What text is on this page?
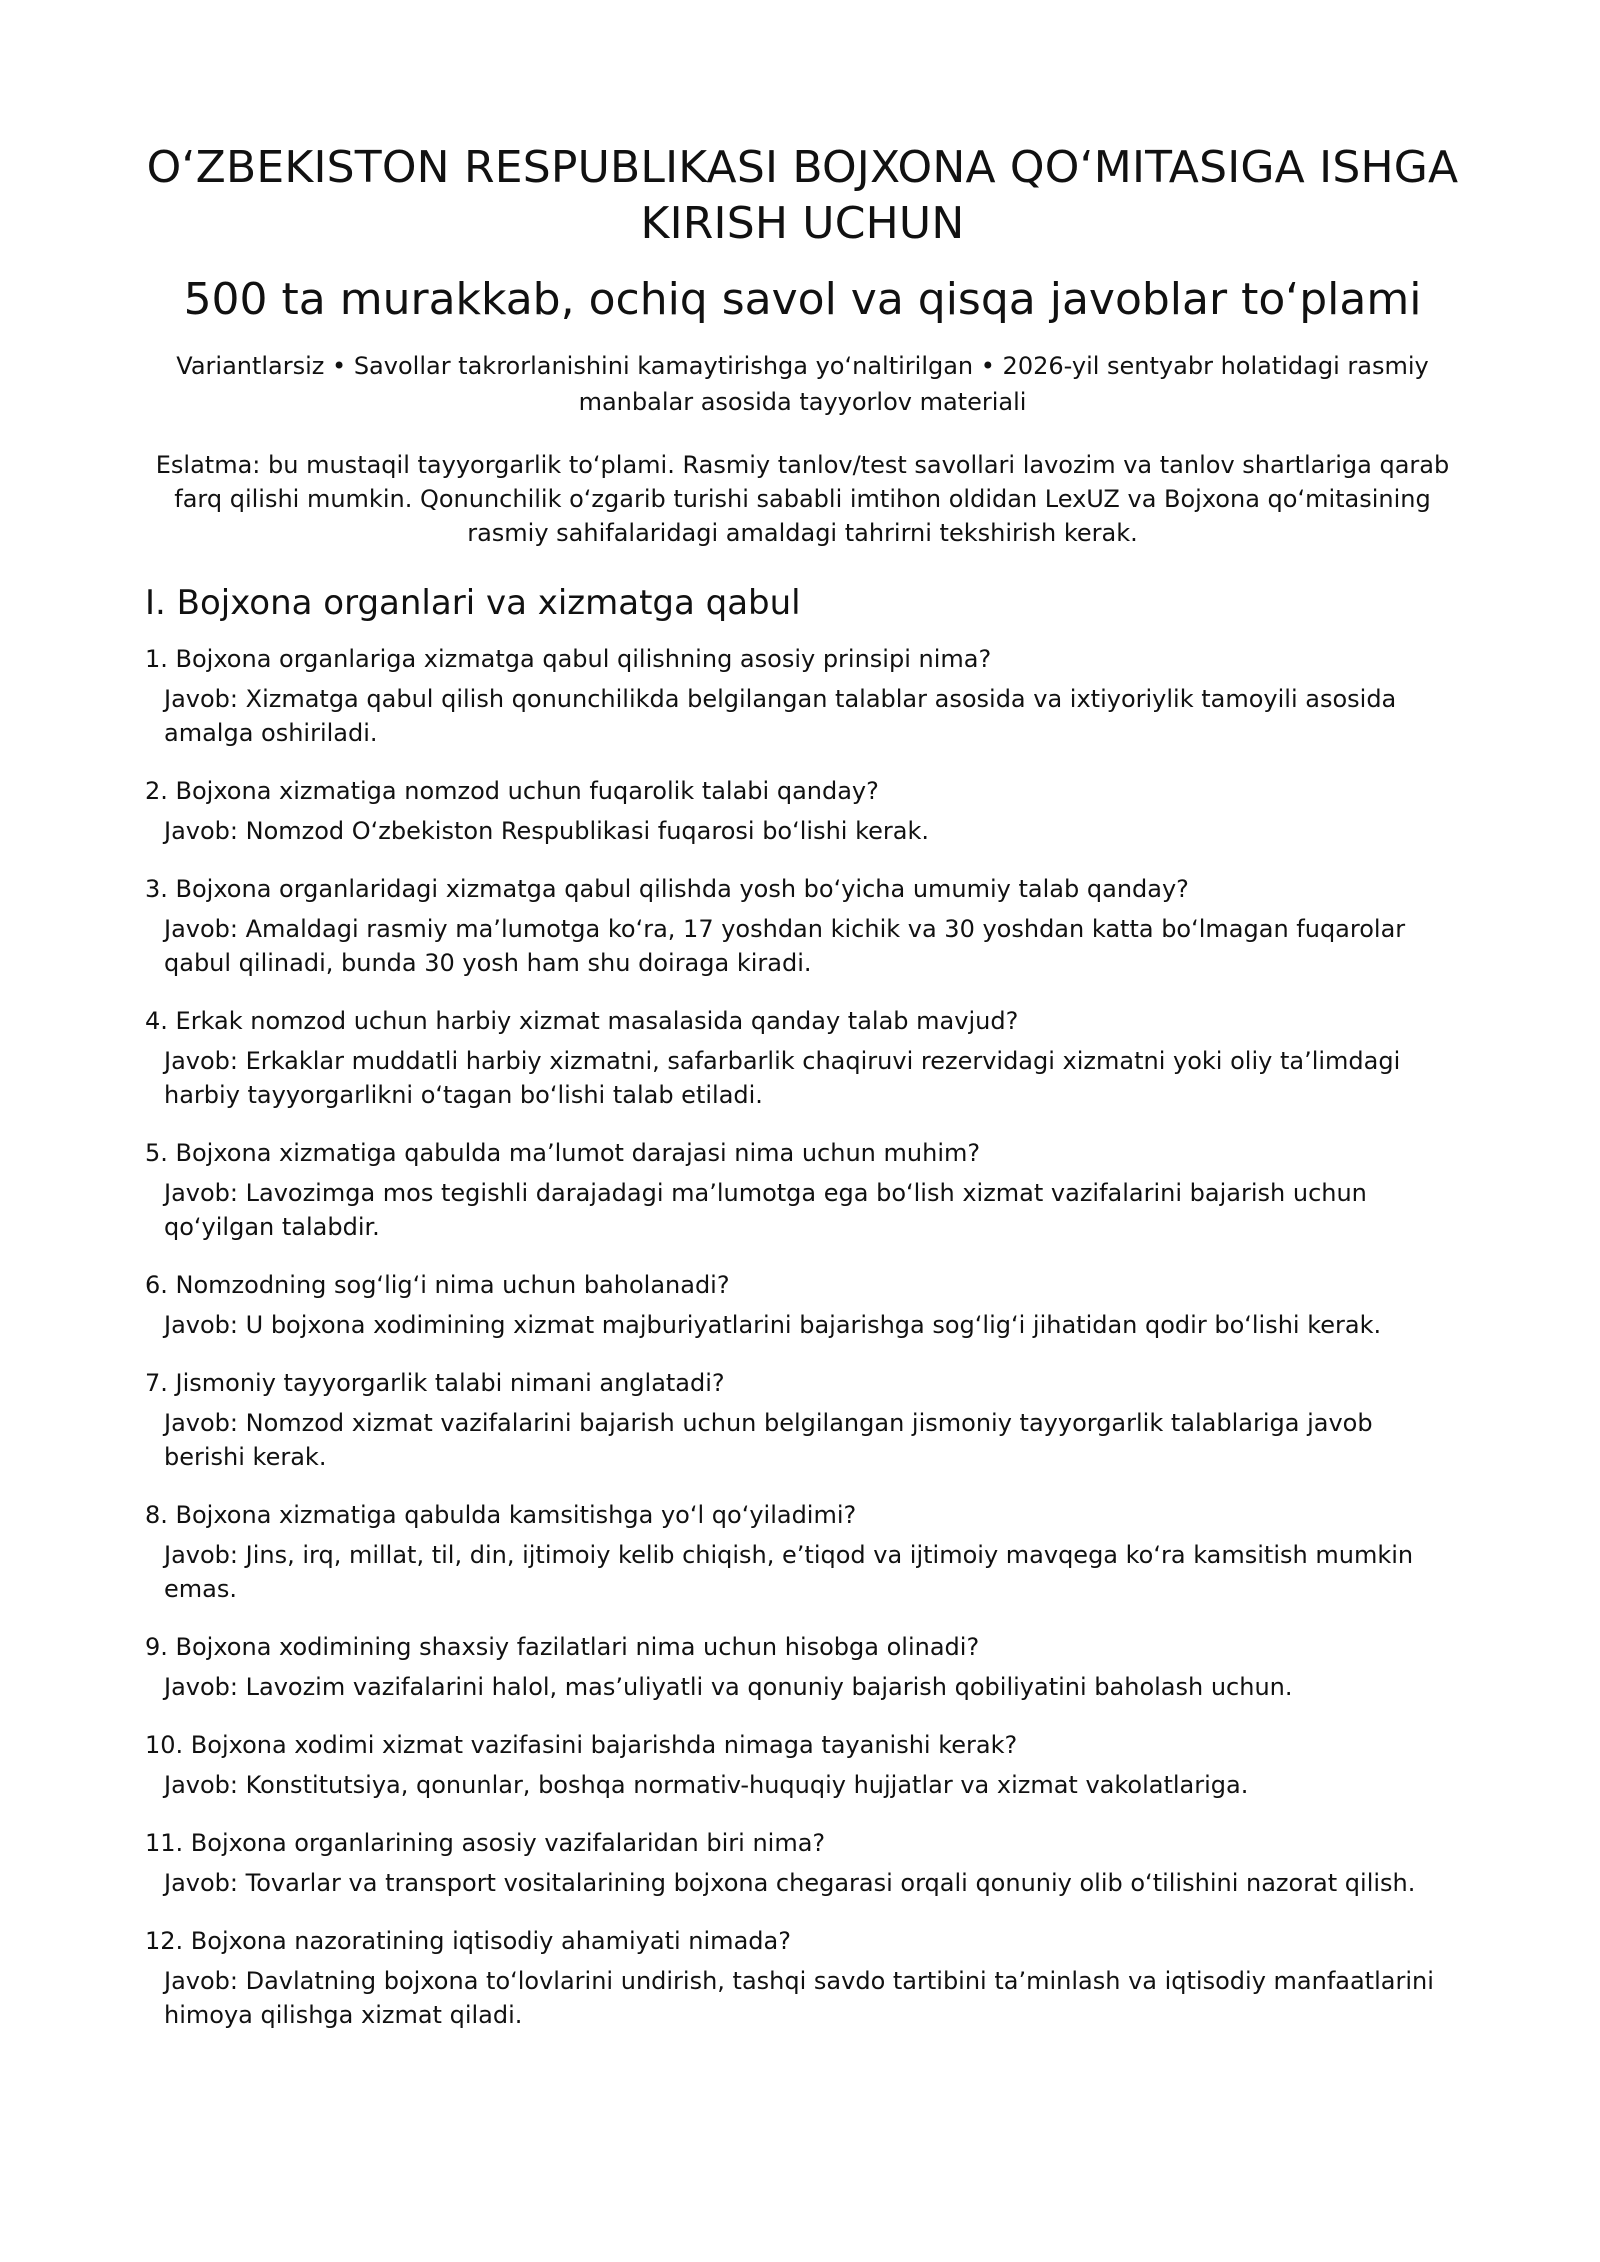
O‘ZBEKISTON RESPUBLIKASI BOJXONA QO‘MITASIGA ISHGA KIRISH UCHUN
500 ta murakkab, ochiq savol va qisqa javoblar to‘plami

Variantlarsiz • Savollar takrorlanishini kamaytirishga yo‘naltirilgan • 2026-yil sentyabr holatidagi rasmiy manbalar asosida tayyorlov materiali

Eslatma: bu mustaqil tayyorgarlik to‘plami. Rasmiy tanlov/test savollari lavozim va tanlov shartlariga qarab farq qilishi mumkin. Qonunchilik o‘zgarib turishi sababli imtihon oldidan LexUZ va Bojxona qo‘mitasining rasmiy sahifalaridagi amaldagi tahrirni tekshirish kerak.

I. Bojxona organlari va xizmatga qabul
1. Bojxona organlariga xizmatga qabul qilishning asosiy prinsipi nima?
Javob: Xizmatga qabul qilish qonunchilikda belgilangan talablar asosida va ixtiyoriylik tamoyili asosida amalga oshiriladi.
2. Bojxona xizmatiga nomzod uchun fuqarolik talabi qanday?
Javob: Nomzod O‘zbekiston Respublikasi fuqarosi bo‘lishi kerak.
3. Bojxona organlaridagi xizmatga qabul qilishda yosh bo‘yicha umumiy talab qanday?
Javob: Amaldagi rasmiy ma’lumotga ko‘ra, 17 yoshdan kichik va 30 yoshdan katta bo‘lmagan fuqarolar qabul qilinadi, bunda 30 yosh ham shu doiraga kiradi.
4. Erkak nomzod uchun harbiy xizmat masalasida qanday talab mavjud?
Javob: Erkaklar muddatli harbiy xizmatni, safarbarlik chaqiruvi rezervidagi xizmatni yoki oliy ta’limdagi harbiy tayyorgarlikni o‘tagan bo‘lishi talab etiladi.
5. Bojxona xizmatiga qabulda ma’lumot darajasi nima uchun muhim?
Javob: Lavozimga mos tegishli darajadagi ma’lumotga ega bo‘lish xizmat vazifalarini bajarish uchun qo‘yilgan talabdir.
6. Nomzodning sog‘lig‘i nima uchun baholanadi?
Javob: U bojxona xodimining xizmat majburiyatlarini bajarishga sog‘lig‘i jihatidan qodir bo‘lishi kerak.
7. Jismoniy tayyorgarlik talabi nimani anglatadi?
Javob: Nomzod xizmat vazifalarini bajarish uchun belgilangan jismoniy tayyorgarlik talablariga javob berishi kerak.
8. Bojxona xizmatiga qabulda kamsitishga yo‘l qo‘yiladimi?
Javob: Jins, irq, millat, til, din, ijtimoiy kelib chiqish, e’tiqod va ijtimoiy mavqega ko‘ra kamsitish mumkin emas.
9. Bojxona xodimining shaxsiy fazilatlari nima uchun hisobga olinadi?
Javob: Lavozim vazifalarini halol, mas’uliyatli va qonuniy bajarish qobiliyatini baholash uchun.
10. Bojxona xodimi xizmat vazifasini bajarishda nimaga tayanishi kerak?
Javob: Konstitutsiya, qonunlar, boshqa normativ-huquqiy hujjatlar va xizmat vakolatlariga.
11. Bojxona organlarining asosiy vazifalaridan biri nima?
Javob: Tovarlar va transport vositalarining bojxona chegarasi orqali qonuniy olib o‘tilishini nazorat qilish.
12. Bojxona nazoratining iqtisodiy ahamiyati nimada?
Javob: Davlatning bojxona to‘lovlarini undirish, tashqi savdo tartibini ta’minlash va iqtisodiy manfaatlarini himoya qilishga xizmat qiladi.
